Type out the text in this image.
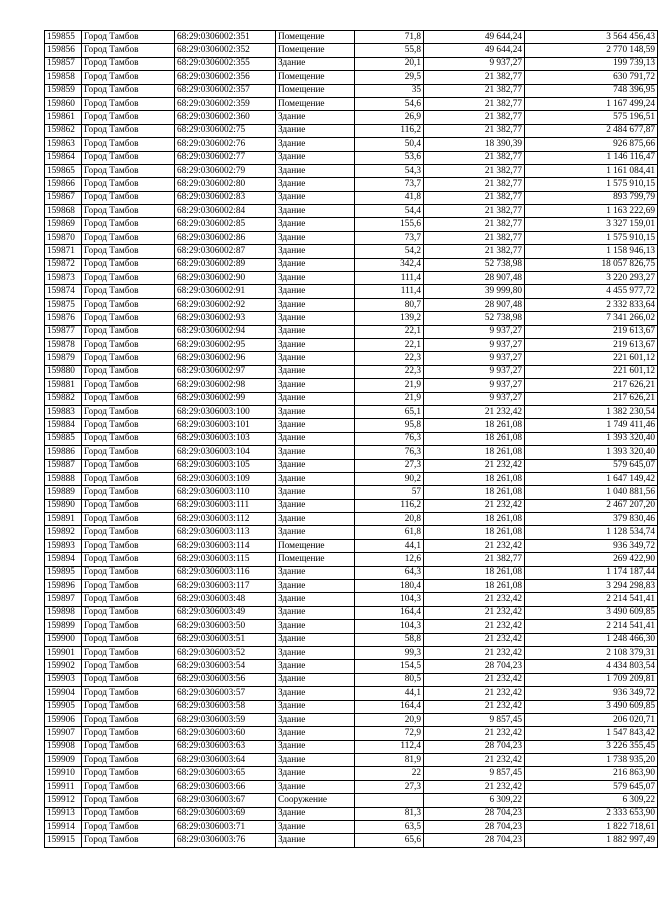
159855	Город Тамбов	68:29:0306002:351	Помещение	71,8	49 644,24	3 564 456,43
159856	Город Тамбов	68:29:0306002:352	Помещение	55,8	49 644,24	2 770 148,59
159857	Город Тамбов	68:29:0306002:355	Здание	20,1	9 937,27	199 739,13
159858	Город Тамбов	68:29:0306002:356	Помещение	29,5	21 382,77	630 791,72
159859	Город Тамбов	68:29:0306002:357	Помещение	35	21 382,77	748 396,95
159860	Город Тамбов	68:29:0306002:359	Помещение	54,6	21 382,77	1 167 499,24
159861	Город Тамбов	68:29:0306002:360	Здание	26,9	21 382,77	575 196,51
159862	Город Тамбов	68:29:0306002:75	Здание	116,2	21 382,77	2 484 677,87
159863	Город Тамбов	68:29:0306002:76	Здание	50,4	18 390,39	926 875,66
159864	Город Тамбов	68:29:0306002:77	Здание	53,6	21 382,77	1 146 116,47
159865	Город Тамбов	68:29:0306002:79	Здание	54,3	21 382,77	1 161 084,41
159866	Город Тамбов	68:29:0306002:80	Здание	73,7	21 382,77	1 575 910,15
159867	Город Тамбов	68:29:0306002:83	Здание	41,8	21 382,77	893 799,79
159868	Город Тамбов	68:29:0306002:84	Здание	54,4	21 382,77	1 163 222,69
159869	Город Тамбов	68:29:0306002:85	Здание	155,6	21 382,77	3 327 159,01
159870	Город Тамбов	68:29:0306002:86	Здание	73,7	21 382,77	1 575 910,15
159871	Город Тамбов	68:29:0306002:87	Здание	54,2	21 382,77	1 158 946,13
159872	Город Тамбов	68:29:0306002:89	Здание	342,4	52 738,98	18 057 826,75
159873	Город Тамбов	68:29:0306002:90	Здание	111,4	28 907,48	3 220 293,27
159874	Город Тамбов	68:29:0306002:91	Здание	111,4	39 999,80	4 455 977,72
159875	Город Тамбов	68:29:0306002:92	Здание	80,7	28 907,48	2 332 833,64
159876	Город Тамбов	68:29:0306002:93	Здание	139,2	52 738,98	7 341 266,02
159877	Город Тамбов	68:29:0306002:94	Здание	22,1	9 937,27	219 613,67
159878	Город Тамбов	68:29:0306002:95	Здание	22,1	9 937,27	219 613,67
159879	Город Тамбов	68:29:0306002:96	Здание	22,3	9 937,27	221 601,12
159880	Город Тамбов	68:29:0306002:97	Здание	22,3	9 937,27	221 601,12
159881	Город Тамбов	68:29:0306002:98	Здание	21,9	9 937,27	217 626,21
159882	Город Тамбов	68:29:0306002:99	Здание	21,9	9 937,27	217 626,21
159883	Город Тамбов	68:29:0306003:100	Здание	65,1	21 232,42	1 382 230,54
159884	Город Тамбов	68:29:0306003:101	Здание	95,8	18 261,08	1 749 411,46
159885	Город Тамбов	68:29:0306003:103	Здание	76,3	18 261,08	1 393 320,40
159886	Город Тамбов	68:29:0306003:104	Здание	76,3	18 261,08	1 393 320,40
159887	Город Тамбов	68:29:0306003:105	Здание	27,3	21 232,42	579 645,07
159888	Город Тамбов	68:29:0306003:109	Здание	90,2	18 261,08	1 647 149,42
159889	Город Тамбов	68:29:0306003:110	Здание	57	18 261,08	1 040 881,56
159890	Город Тамбов	68:29:0306003:111	Здание	116,2	21 232,42	2 467 207,20
159891	Город Тамбов	68:29:0306003:112	Здание	20,8	18 261,08	379 830,46
159892	Город Тамбов	68:29:0306003:113	Здание	61,8	18 261,08	1 128 534,74
159893	Город Тамбов	68:29:0306003:114	Помещение	44,1	21 232,42	936 349,72
159894	Город Тамбов	68:29:0306003:115	Помещение	12,6	21 382,77	269 422,90
159895	Город Тамбов	68:29:0306003:116	Здание	64,3	18 261,08	1 174 187,44
159896	Город Тамбов	68:29:0306003:117	Здание	180,4	18 261,08	3 294 298,83
159897	Город Тамбов	68:29:0306003:48	Здание	104,3	21 232,42	2 214 541,41
159898	Город Тамбов	68:29:0306003:49	Здание	164,4	21 232,42	3 490 609,85
159899	Город Тамбов	68:29:0306003:50	Здание	104,3	21 232,42	2 214 541,41
159900	Город Тамбов	68:29:0306003:51	Здание	58,8	21 232,42	1 248 466,30
159901	Город Тамбов	68:29:0306003:52	Здание	99,3	21 232,42	2 108 379,31
159902	Город Тамбов	68:29:0306003:54	Здание	154,5	28 704,23	4 434 803,54
159903	Город Тамбов	68:29:0306003:56	Здание	80,5	21 232,42	1 709 209,81
159904	Город Тамбов	68:29:0306003:57	Здание	44,1	21 232,42	936 349,72
159905	Город Тамбов	68:29:0306003:58	Здание	164,4	21 232,42	3 490 609,85
159906	Город Тамбов	68:29:0306003:59	Здание	20,9	9 857,45	206 020,71
159907	Город Тамбов	68:29:0306003:60	Здание	72,9	21 232,42	1 547 843,42
159908	Город Тамбов	68:29:0306003:63	Здание	112,4	28 704,23	3 226 355,45
159909	Город Тамбов	68:29:0306003:64	Здание	81,9	21 232,42	1 738 935,20
159910	Город Тамбов	68:29:0306003:65	Здание	22	9 857,45	216 863,90
159911	Город Тамбов	68:29:0306003:66	Здание	27,3	21 232,42	579 645,07
159912	Город Тамбов	68:29:0306003:67	Сооружение		6 309,22	6 309,22
159913	Город Тамбов	68:29:0306003:69	Здание	81,3	28 704,23	2 333 653,90
159914	Город Тамбов	68:29:0306003:71	Здание	63,5	28 704,23	1 822 718,61
159915	Город Тамбов	68:29:0306003:76	Здание	65,6	28 704,23	1 882 997,49
